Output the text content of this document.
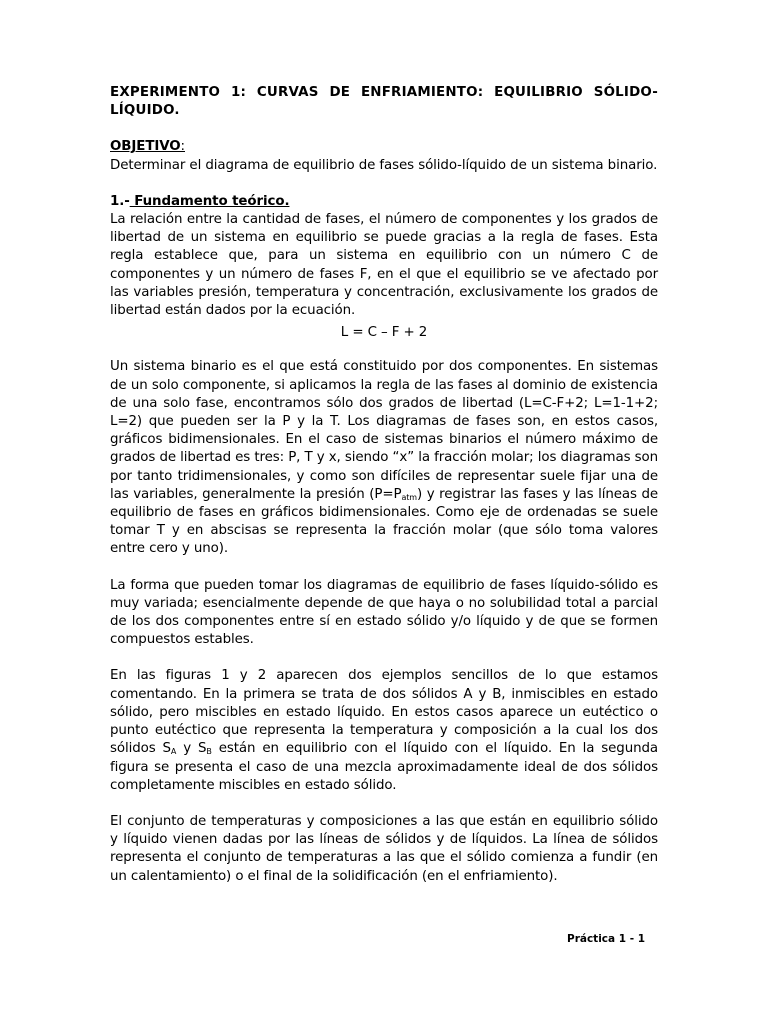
EXPERIMENTO 1: CURVAS DE ENFRIAMIENTO: EQUILIBRIO SÓLIDO-LÍQUIDO.
OBJETIVO:

Determinar el diagrama de equilibrio de fases sólido-líquido de un sistema binario.

1.- Fundamento teórico.

La relación entre la cantidad de fases, el número de componentes y los grados de libertad de un sistema en equilibrio se puede gracias a la regla de fases. Esta regla establece que, para un sistema en equilibrio con un número C de componentes y un número de fases F, en el que el equilibrio se ve afectado por las variables presión, temperatura y concentración, exclusivamente los grados de libertad están dados por la ecuación.

L = C – F + 2

Un sistema binario es el que está constituido por dos componentes. En sistemas de un solo componente, si aplicamos la regla de las fases al dominio de existencia de una solo fase, encontramos sólo dos grados de libertad (L=C-F+2; L=1-1+2; L=2) que pueden ser la P y la T. Los diagramas de fases son, en estos casos, gráficos bidimensionales. En el caso de sistemas binarios el número máximo de grados de libertad es tres: P, T y x, siendo “x” la fracción molar; los diagramas son por tanto tridimensionales, y como son difíciles de representar suele fijar una de las variables, generalmente la presión $(P=P_{atm})$ y registrar las fases y las líneas de equilibrio de fases en gráficos bidimensionales. Como eje de ordenadas se suele tomar T y en abscisas se representa la fracción molar (que sólo toma valores entre cero y uno).

La forma que pueden tomar los diagramas de equilibrio de fases líquido-sólido es muy variada; esencialmente depende de que haya o no solubilidad total a parcial de los dos componentes entre sí en estado sólido y/o líquido y de que se formen compuestos estables.

En las figuras 1 y 2 aparecen dos ejemplos sencillos de lo que estamos comentando. En la primera se trata de dos sólidos A y B, inmiscibles en estado sólido, pero miscibles en estado líquido. En estos casos aparece un eutéctico o punto eutéctico que representa la temperatura y composición a la cual los dos sólidos $S_A$ y $S_B$ están en equilibrio con el líquido con el líquido. En la segunda figura se presenta el caso de una mezcla aproximadamente ideal de dos sólidos completamente miscibles en estado sólido.

El conjunto de temperaturas y composiciones a las que están en equilibrio sólido y líquido vienen dadas por las líneas de sólidos y de líquidos. La línea de sólidos representa el conjunto de temperaturas a las que el sólido comienza a fundir (en un calentamiento) o el final de la solidificación (en el enfriamiento).

Práctica 1 - 1
